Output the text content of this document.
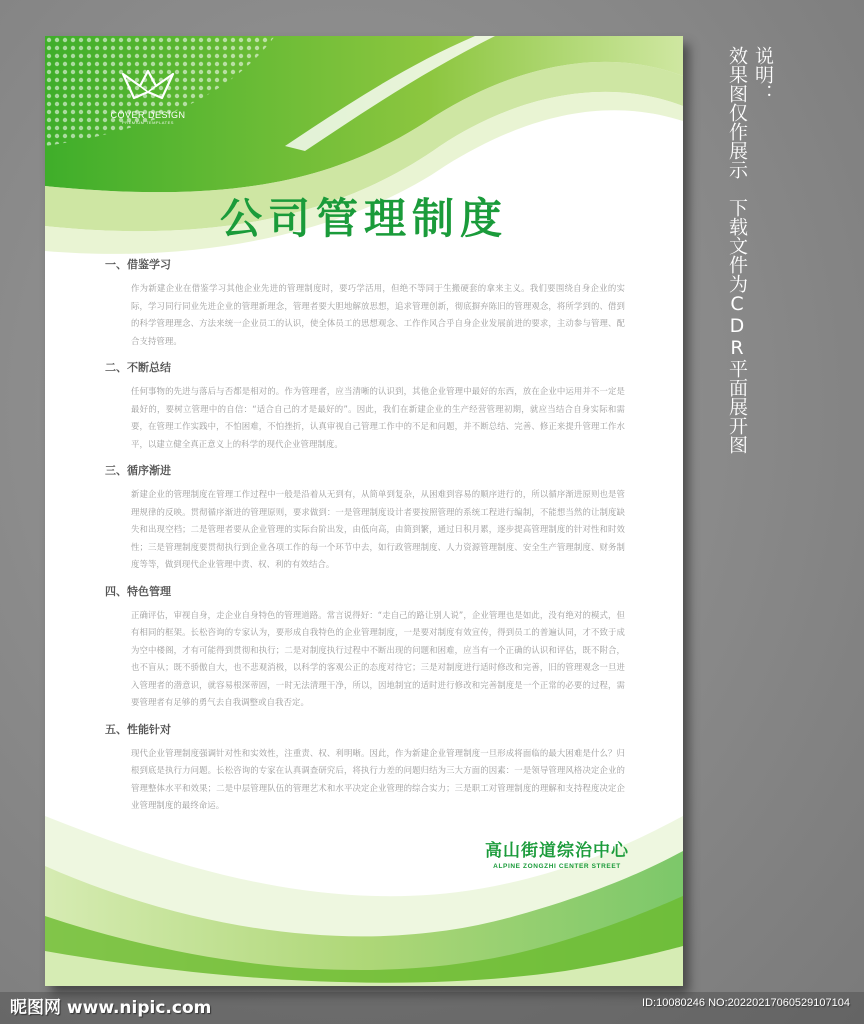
COVER DESIGN
PREMIUM TEMPLATES
公司管理制度
一、借鉴学习

作为新建企业在借鉴学习其他企业先进的管理制度时，要巧学活用，但绝不等同于生搬硬套的拿来主义。我们要围绕自身企业的实际，学习同行同业先进企业的管理新理念，管理者要大胆地解放思想，追求管理创新，彻底摒弃陈旧的管理观念，将所学到的、借到的科学管理理念、方法来统一企业员工的认识，使全体员工的思想观念、工作作风合乎自身企业发展前进的要求，主动参与管理、配合支持管理。

二、不断总结

任何事物的先进与落后与否都是相对的。作为管理者，应当清晰的认识到，其他企业管理中最好的东西，放在企业中运用并不一定是最好的，要树立管理中的自信：“适合自己的才是最好的”。因此，我们在新建企业的生产经营管理初期，就应当结合自身实际和需要，在管理工作实践中，不怕困难，不怕挫折，认真审视自己管理工作中的不足和问题，并不断总结、完善、修正来提升管理工作水平，以建立健全真正意义上的科学的现代企业管理制度。

三、循序渐进

新建企业的管理制度在管理工作过程中一般是沿着从无到有，从简单到复杂，从困难到容易的顺序进行的，所以循序渐进原则也是管理规律的反映。贯彻循序渐进的管理原则，要求做到：一是管理制度设计者要按照管理的系统工程进行编制，不能想当然的让制度缺失和出现空档；二是管理者要从企业管理的实际台阶出发，由低向高，由简到繁，通过日积月累，逐步提高管理制度的针对性和时效性；三是管理制度要贯彻执行到企业各项工作的每一个环节中去，如行政管理制度、人力资源管理制度、安全生产管理制度、财务制度等等，做到现代企业管理中责、权、利的有效结合。

四、特色管理

正确评估，审视自身，走企业自身特色的管理道路。常言说得好：“走自己的路让别人说”，企业管理也是如此，没有绝对的模式，但有相同的框架。长松咨询的专家认为，要形成自我特色的企业管理制度，一是要对制度有效宣传，得到员工的普遍认同，才不致于成为空中楼阁，才有可能得到贯彻和执行；二是对制度执行过程中不断出现的问题和困难，应当有一个正确的认识和评估，既不附合，也不盲从；既不骄傲自大，也不悲观消极，以科学的客观公正的态度对待它；三是对制度进行适时修改和完善，旧的管理观念一旦进入管理者的潜意识，就容易根深蒂固，一时无法清理干净，所以，因地制宜的适时进行修改和完善制度是一个正常的必要的过程，需要管理者有足够的勇气去自我调整或自我否定。

五、性能针对

现代企业管理制度强调针对性和实效性，注重责、权、利明晰。因此，作为新建企业管理制度一旦形成将面临的最大困难是什么？归根到底是执行力问题。长松咨询的专家在认真调查研究后，将执行力差的问题归结为三大方面的因素：一是领导管理风格决定企业的管理整体水平和效果；二是中层管理队伍的管理艺术和水平决定企业管理的综合实力；三是职工对管理制度的理解和支持程度决定企业管理制度的最终命运。

高山街道综治中心
ALPINE ZONGZHI CENTER STREET
说明：
效果图仅作展示　下载文件为CDR平面展开图
昵图网 www.nipic.com	ID:10080246 NO:20220217060529107104
